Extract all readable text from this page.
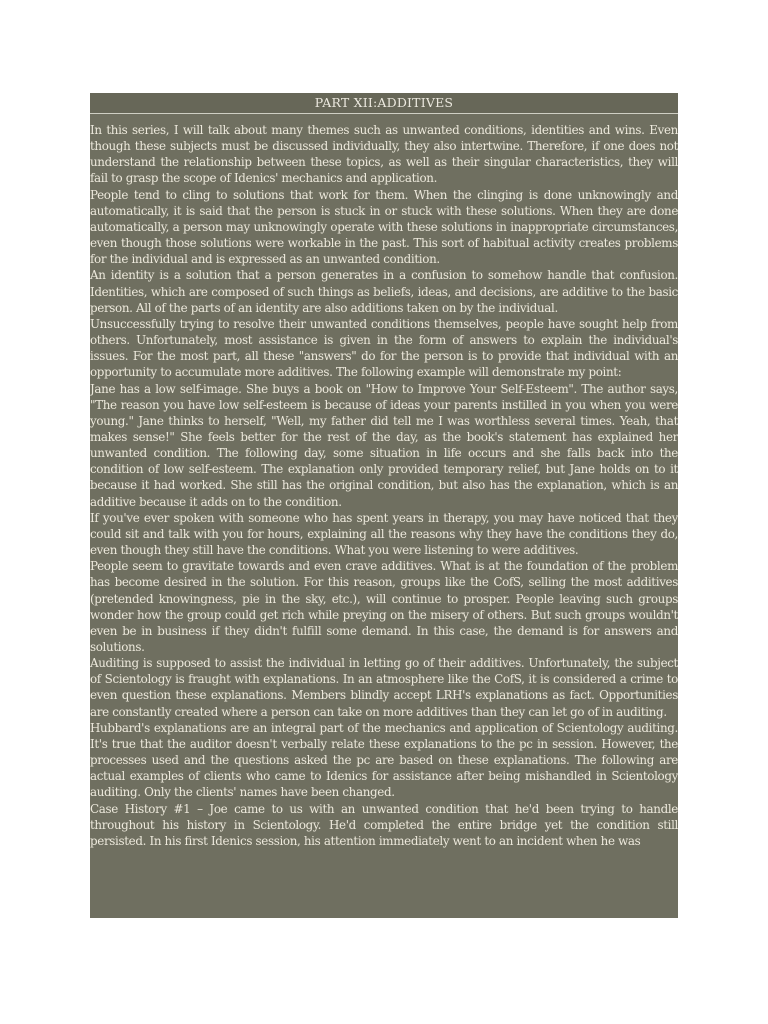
PART XII:ADDITIVES

In this series, I will talk about many themes such as unwanted conditions, identities and wins. Even though these subjects must be discussed individually, they also intertwine. Therefore, if one does not understand the relationship between these topics, as well as their singular characteristics, they will fail to grasp the scope of Idenics' mechanics and application.

People tend to cling to solutions that work for them. When the clinging is done unknowingly and automatically, it is said that the person is stuck in or stuck with these solutions. When they are done automatically, a person may unknowingly operate with these solutions in inappropriate circumstances, even though those solutions were workable in the past. This sort of habitual activity creates problems for the individual and is expressed as an unwanted condition.

An identity is a solution that a person generates in a confusion to somehow handle that confusion. Identities, which are composed of such things as beliefs, ideas, and decisions, are additive to the basic person. All of the parts of an identity are also additions taken on by the individual.

Unsuccessfully trying to resolve their unwanted conditions themselves, people have sought help from others. Unfortunately, most assistance is given in the form of answers to explain the individual's issues. For the most part, all these "answers" do for the person is to provide that individual with an opportunity to accumulate more additives. The following example will demonstrate my point:

Jane has a low self-image. She buys a book on "How to Improve Your Self-Esteem". The author says, "The reason you have low self-esteem is because of ideas your parents instilled in you when you were young." Jane thinks to herself, "Well, my father did tell me I was worthless several times. Yeah, that makes sense!" She feels better for the rest of the day, as the book's statement has explained her unwanted condition. The following day, some situation in life occurs and she falls back into the condition of low self-esteem. The explanation only provided temporary relief, but Jane holds on to it because it had worked. She still has the original condition, but also has the explanation, which is an additive because it adds on to the condition.

If you've ever spoken with someone who has spent years in therapy, you may have noticed that they could sit and talk with you for hours, explaining all the reasons why they have the conditions they do, even though they still have the conditions. What you were listening to were additives.

People seem to gravitate towards and even crave additives. What is at the foundation of the problem has become desired in the solution. For this reason, groups like the CofS, selling the most additives (pretended knowingness, pie in the sky, etc.), will continue to prosper. People leaving such groups wonder how the group could get rich while preying on the misery of others. But such groups wouldn't even be in business if they didn't fulfill some demand. In this case, the demand is for answers and solutions.

Auditing is supposed to assist the individual in letting go of their additives. Unfortunately, the subject of Scientology is fraught with explanations. In an atmosphere like the CofS, it is considered a crime to even question these explanations. Members blindly accept LRH's explanations as fact. Opportunities are constantly created where a person can take on more additives than they can let go of in auditing.

Hubbard's explanations are an integral part of the mechanics and application of Scientology auditing. It's true that the auditor doesn't verbally relate these explanations to the pc in session. However, the processes used and the questions asked the pc are based on these explanations. The following are actual examples of clients who came to Idenics for assistance after being mishandled in Scientology auditing. Only the clients' names have been changed.

Case History #1 – Joe came to us with an unwanted condition that he'd been trying to handle throughout his history in Scientology. He'd completed the entire bridge yet the condition still persisted. In his first Idenics session, his attention immediately went to an incident when he was
